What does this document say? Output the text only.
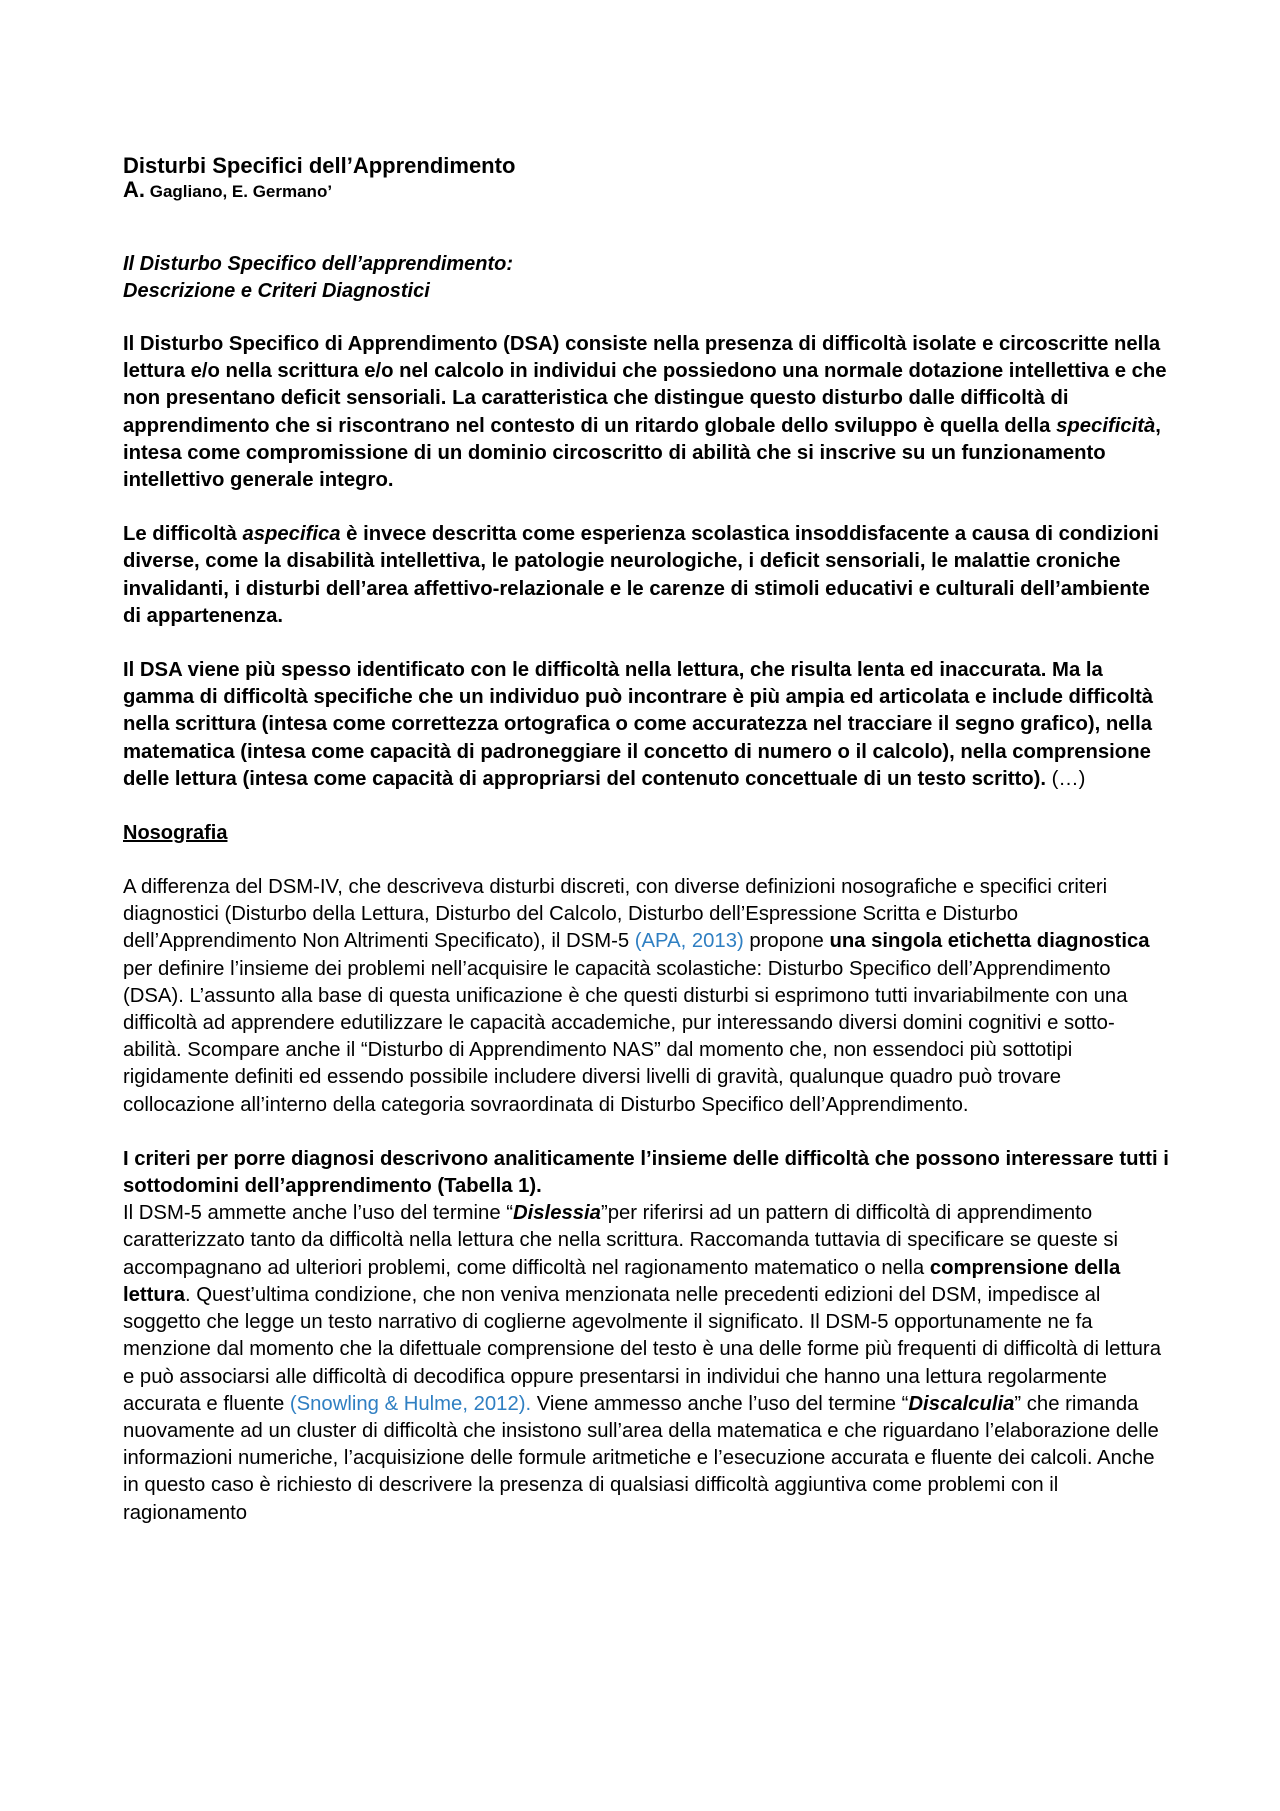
Disturbi Specifici dell’Apprendimento

A. Gagliano, E. Germano’

Il Disturbo Specifico dell’apprendimento:
Descrizione e Criteri Diagnostici

Il Disturbo Specifico di Apprendimento (DSA) consiste nella presenza di difficoltà isolate e circoscritte nella lettura e/o nella scrittura e/o nel calcolo in individui che possiedono una normale dotazione intellettiva e che non presentano deficit sensoriali. La caratteristica che distingue questo disturbo dalle difficoltà di apprendimento che si riscontrano nel contesto di un ritardo globale dello sviluppo è quella della specificità, intesa come compromissione di un dominio circoscritto di abilità che si inscrive su un funzionamento intellettivo generale integro.

Le difficoltà aspecifica è invece descritta come esperienza scolastica insoddisfacente a causa di condizioni diverse, come la disabilità intellettiva, le patologie neurologiche, i deficit sensoriali, le malattie croniche invalidanti, i disturbi dell’area affettivo-relazionale e le carenze di stimoli educativi e culturali dell’ambiente di appartenenza.

Il DSA viene più spesso identificato con le difficoltà nella lettura, che risulta lenta ed inaccurata. Ma la gamma di difficoltà specifiche che un individuo può incontrare è più ampia ed articolata e include difficoltà nella scrittura (intesa come correttezza ortografica o come accuratezza nel tracciare il segno grafico), nella matematica (intesa come capacità di padroneggiare il concetto di numero o il calcolo), nella comprensione delle lettura (intesa come capacità di appropriarsi del contenuto concettuale di un testo scritto). (…)

Nosografia

A differenza del DSM-IV, che descriveva disturbi discreti, con diverse definizioni nosografiche e specifici criteri diagnostici (Disturbo della Lettura, Disturbo del Calcolo, Disturbo dell’Espressione Scritta e Disturbo dell’Apprendimento Non Altrimenti Specificato), il DSM-5 (APA, 2013) propone una singola etichetta diagnostica per definire l’insieme dei problemi nell’acquisire le capacità scolastiche: Disturbo Specifico dell’Apprendimento (DSA). L’assunto alla base di questa unificazione è che questi disturbi si esprimono tutti invariabilmente con una difficoltà ad apprendere edutilizzare le capacità accademiche, pur interessando diversi domini cognitivi e sotto-abilità. Scompare anche il “Disturbo di Apprendimento NAS” dal momento che, non essendoci più sottotipi rigidamente definiti ed essendo possibile includere diversi livelli di gravità, qualunque quadro può trovare collocazione all’interno della categoria sovraordinata di Disturbo Specifico dell’Apprendimento.

I criteri per porre diagnosi descrivono analiticamente l’insieme delle difficoltà che possono interessare tutti i sottodomini dell’apprendimento (Tabella 1).

Il DSM-5 ammette anche l’uso del termine “Dislessia”per riferirsi ad un pattern di difficoltà di apprendimento caratterizzato tanto da difficoltà nella lettura che nella scrittura. Raccomanda tuttavia di specificare se queste si accompagnano ad ulteriori problemi, come difficoltà nel ragionamento matematico o nella comprensione della lettura. Quest’ultima condizione, che non veniva menzionata nelle precedenti edizioni del DSM, impedisce al soggetto che legge un testo narrativo di coglierne agevolmente il significato. Il DSM-5 opportunamente ne fa menzione dal momento che la difettuale comprensione del testo è una delle forme più frequenti di difficoltà di lettura e può associarsi alle difficoltà di decodifica oppure presentarsi in individui che hanno una lettura regolarmente accurata e fluente (Snowling & Hulme, 2012). Viene ammesso anche l’uso del termine “Discalculia” che rimanda nuovamente ad un cluster di difficoltà che insistono sull’area della matematica e che riguardano l’elaborazione delle informazioni numeriche, l’acquisizione delle formule aritmetiche e l’esecuzione accurata e fluente dei calcoli. Anche in questo caso è richiesto di descrivere la presenza di qualsiasi difficoltà aggiuntiva come problemi con il ragionamento
